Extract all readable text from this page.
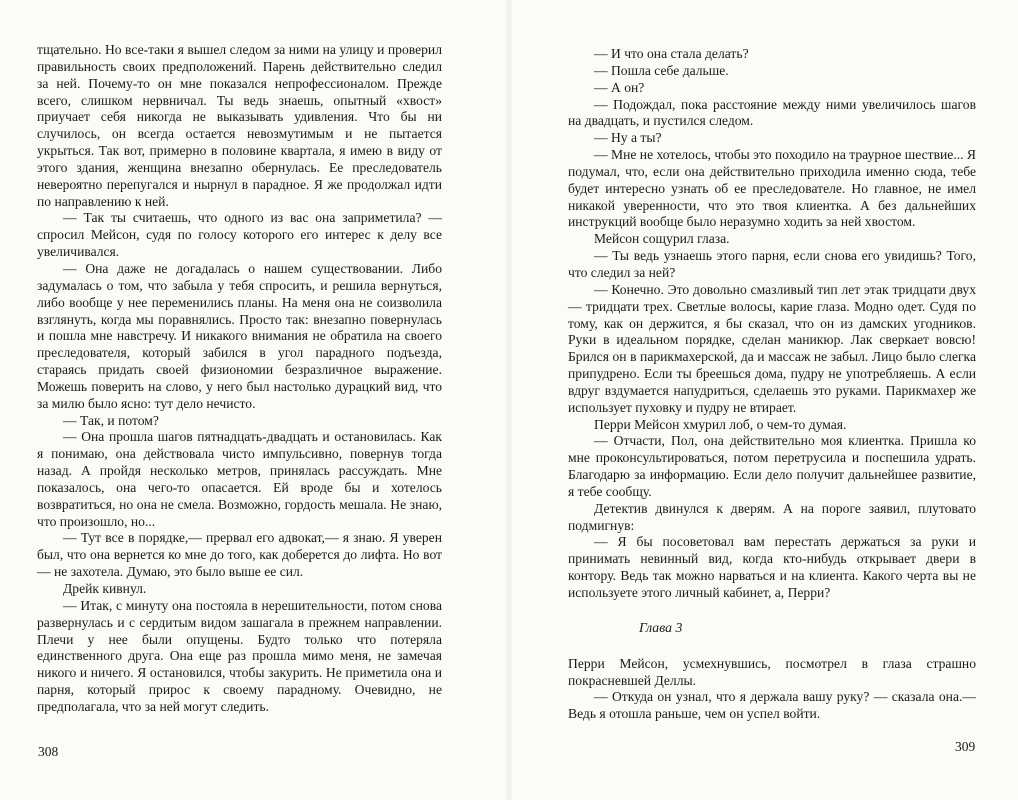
тщательно. Но все-таки я вышел следом за ними на улицу и проверил правильность своих предположений. Парень действительно следил за ней. Почему-то он мне показался непрофессионалом. Прежде всего, слишком нервничал. Ты ведь знаешь, опытный «хвост» приучает себя никогда не выказывать удивления. Что бы ни случилось, он всегда остается невозмутимым и не пытается укрыться. Так вот, примерно в половине квартала, я имею в виду от этого здания, женщина внезапно обернулась. Ее преследователь невероятно перепугался и нырнул в парадное. Я же продолжал идти по направлению к ней.

— Так ты считаешь, что одного из вас она заприметила? — спросил Мейсон, судя по голосу которого его интерес к делу все увеличивался.

— Она даже не догадалась о нашем существовании. Либо задумалась о том, что забыла у тебя спросить, и решила вернуться, либо вообще у нее переменились планы. На меня она не соизволила взглянуть, когда мы поравнялись. Просто так: внезапно повернулась и пошла мне навстречу. И никакого внимания не обратила на своего преследователя, который забился в угол парадного подъезда, стараясь придать своей физиономии безразличное выражение. Можешь поверить на слово, у него был настолько дурацкий вид, что за милю было ясно: тут дело нечисто.

— Так, и потом?

— Она прошла шагов пятнадцать-двадцать и остановилась. Как я понимаю, она действовала чисто импульсивно, повернув тогда назад. А пройдя несколько метров, принялась рассуждать. Мне показалось, она чего-то опасается. Ей вроде бы и хотелось возвратиться, но она не смела. Возможно, гордость мешала. Не знаю, что произошло, но...

— Тут все в порядке,— прервал его адвокат,— я знаю. Я уверен был, что она вернется ко мне до того, как доберется до лифта. Но вот — не захотела. Думаю, это было выше ее сил.

Дрейк кивнул.

— Итак, с минуту она постояла в нерешительности, потом снова развернулась и с сердитым видом зашагала в прежнем направлении. Плечи у нее были опущены. Будто только что потеряла единственного друга. Она еще раз прошла мимо меня, не замечая никого и ничего. Я остановился, чтобы закурить. Не приметила она и парня, который прирос к своему парадному. Очевидно, не предполагала, что за ней могут следить.

308

— И что она стала делать?

— Пошла себе дальше.

— А он?

— Подождал, пока расстояние между ними увеличилось шагов на двадцать, и пустился следом.

— Ну а ты?

— Мне не хотелось, чтобы это походило на траурное шествие... Я подумал, что, если она действительно приходила именно сюда, тебе будет интересно узнать об ее преследователе. Но главное, не имел никакой уверенности, что это твоя клиентка. А без дальнейших инструкций вообще было неразумно ходить за ней хвостом.

Мейсон сощурил глаза.

— Ты ведь узнаешь этого парня, если снова его увидишь? Того, что следил за ней?

— Конечно. Это довольно смазливый тип лет этак тридцати двух — тридцати трех. Светлые волосы, карие глаза. Модно одет. Судя по тому, как он держится, я бы сказал, что он из дамских угодников. Руки в идеальном порядке, сделан маникюр. Лак сверкает вовсю! Брился он в парикмахерской, да и массаж не забыл. Лицо было слегка припудрено. Если ты бреешься дома, пудру не употребляешь. А если вдруг вздумается напудриться, сделаешь это руками. Парикмахер же использует пуховку и пудру не втирает.

Перри Мейсон хмурил лоб, о чем-то думая.

— Отчасти, Пол, она действительно моя клиентка. Пришла ко мне проконсультироваться, потом перетрусила и поспешила удрать. Благодарю за информацию. Если дело получит дальнейшее развитие, я тебе сообщу.

Детектив двинулся к дверям. А на пороге заявил, плутовато подмигнув:

— Я бы посоветовал вам перестать держаться за руки и принимать невинный вид, когда кто-нибудь открывает двери в контору. Ведь так можно нарваться и на клиента. Какого черта вы не используете этого личный кабинет, а, Перри?

Глава 3

Перри Мейсон, усмехнувшись, посмотрел в глаза страшно покрасневшей Деллы.

— Откуда он узнал, что я держала вашу руку? — сказала она.— Ведь я отошла раньше, чем он успел войти.

309
